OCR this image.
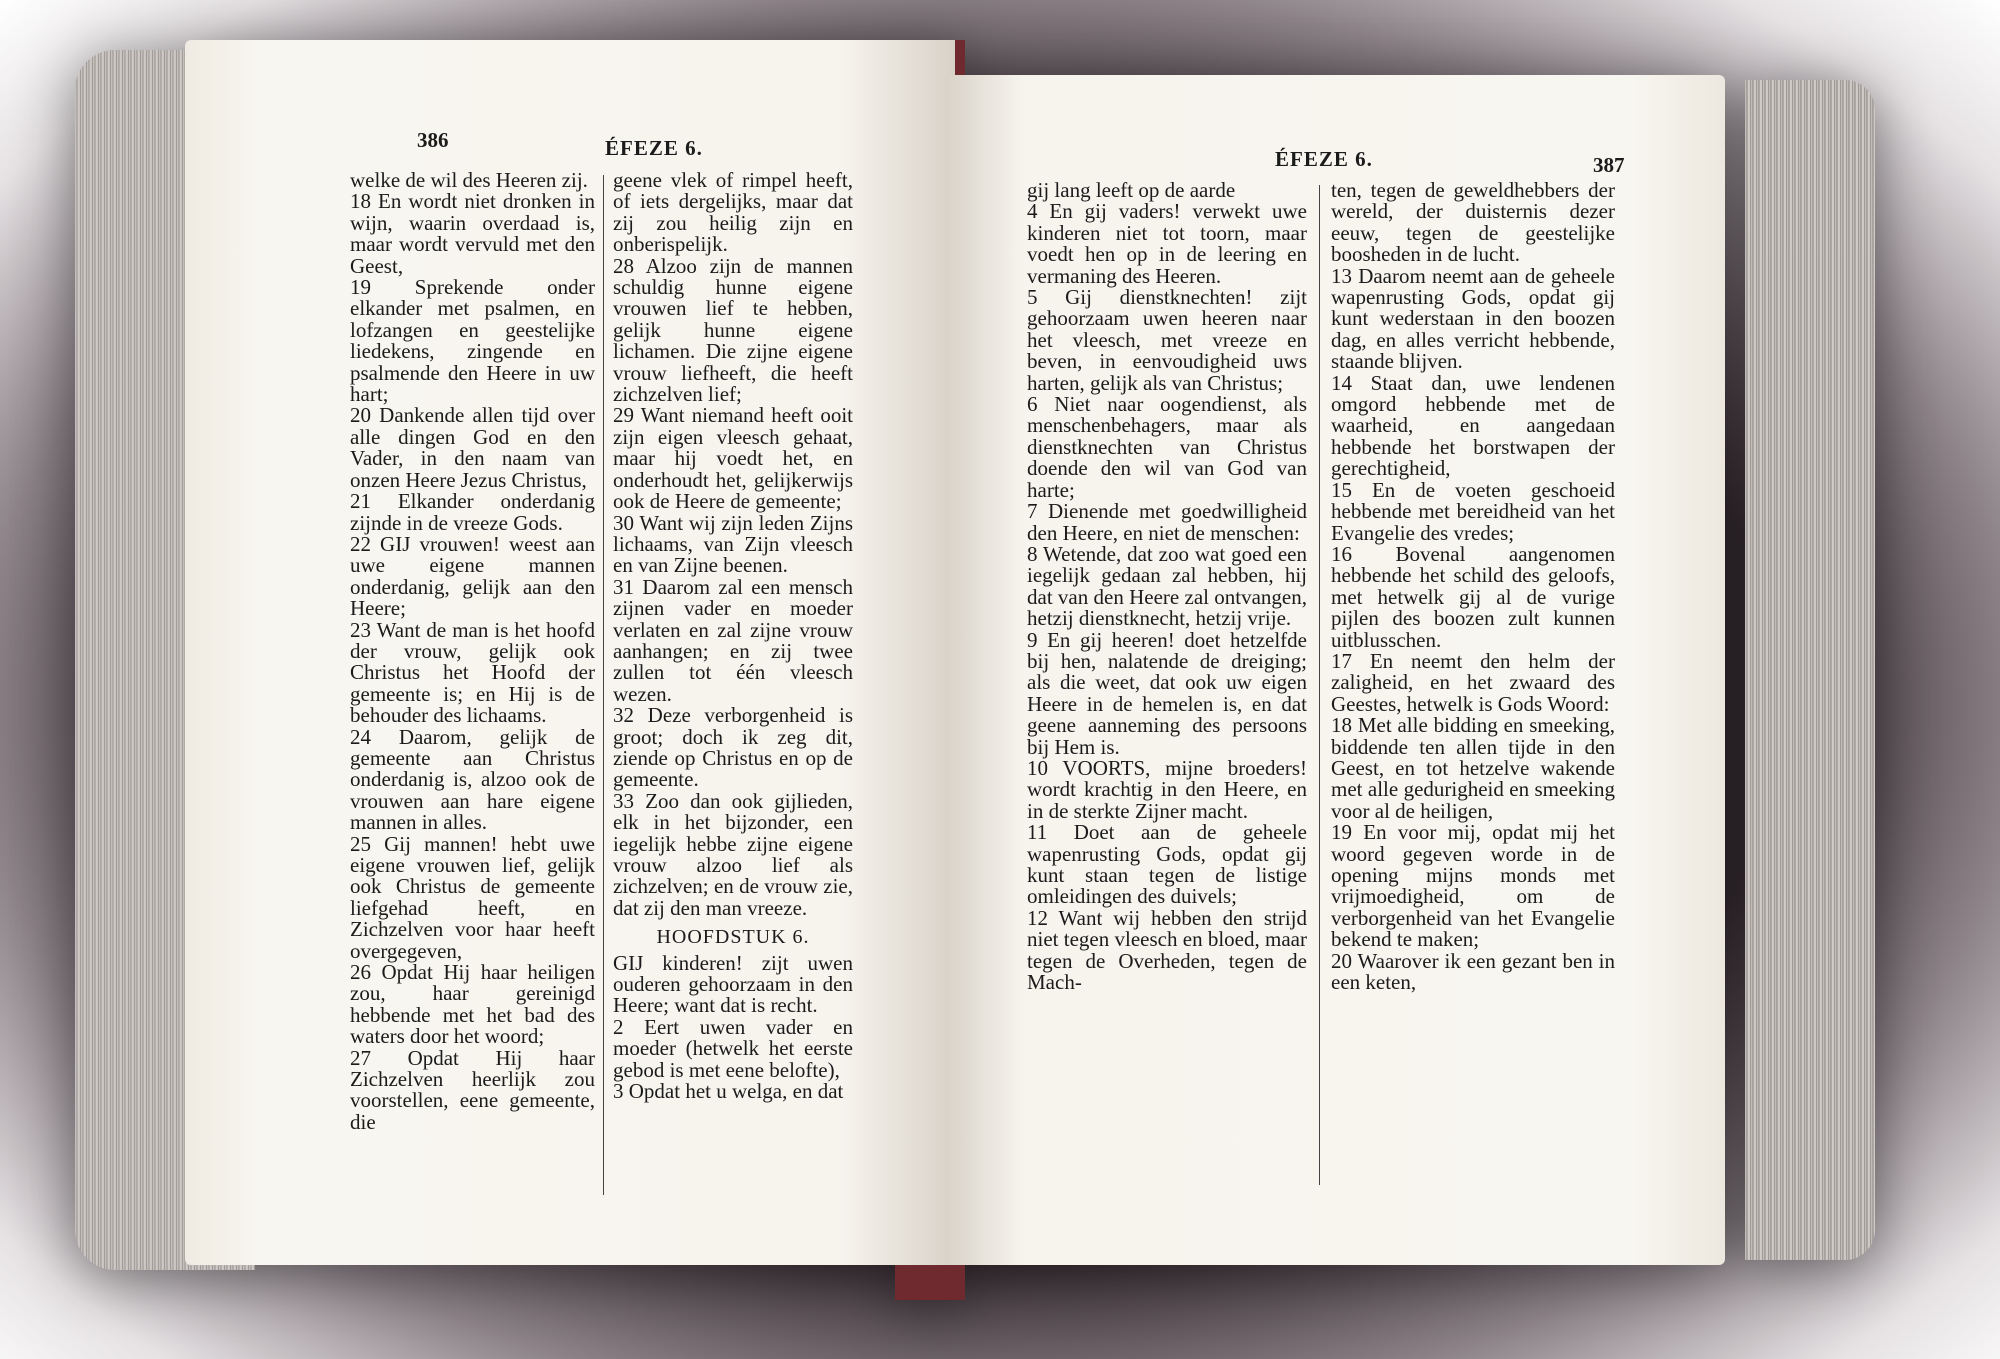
386	ÉFEZE 6.

welke de wil des Heeren zij.

18 En wordt niet dronken in wijn, waarin overdaad is, maar wordt vervuld met den Geest,

19 Sprekende onder elkander met psalmen, en lofzangen en geestelijke liedekens, zingende en psalmende den Heere in uw hart;

20 Dankende allen tijd over alle dingen God en den Vader, in den naam van onzen Heere Jezus Christus,

21 Elkander onderdanig zijnde in de vreeze Gods.

22 GIJ vrouwen! weest aan uwe eigene mannen onderdanig, gelijk aan den Heere;

23 Want de man is het hoofd der vrouw, gelijk ook Christus het Hoofd der gemeente is; en Hij is de behouder des lichaams.

24 Daarom, gelijk de gemeente aan Christus onderdanig is, alzoo ook de vrouwen aan hare eigene mannen in alles.

25 Gij mannen! hebt uwe eigene vrouwen lief, gelijk ook Christus de gemeente liefgehad heeft, en Zichzelven voor haar heeft overgegeven,

26 Opdat Hij haar heiligen zou, haar gereinigd hebbende met het bad des waters door het woord;

27 Opdat Hij haar Zichzelven heerlijk zou voorstellen, eene gemeente, die

geene vlek of rimpel heeft, of iets dergelijks, maar dat zij zou heilig zijn en onberispelijk.

28 Alzoo zijn de mannen schuldig hunne eigene vrouwen lief te hebben, gelijk hunne eigene lichamen. Die zijne eigene vrouw liefheeft, die heeft zichzelven lief;

29 Want niemand heeft ooit zijn eigen vleesch gehaat, maar hij voedt het, en onderhoudt het, gelijkerwijs ook de Heere de gemeente;

30 Want wij zijn leden Zijns lichaams, van Zijn vleesch en van Zijne beenen.

31 Daarom zal een mensch zijnen vader en moeder verlaten en zal zijne vrouw aanhangen; en zij twee zullen tot één vleesch wezen.

32 Deze verborgenheid is groot; doch ik zeg dit, ziende op Christus en op de gemeente.

33 Zoo dan ook gijlieden, elk in het bijzonder, een iegelijk hebbe zijne eigene vrouw alzoo lief als zichzelven; en de vrouw zie, dat zij den man vreeze.

HOOFDSTUK 6.

GIJ kinderen! zijt uwen ouderen gehoorzaam in den Heere; want dat is recht.

2 Eert uwen vader en moeder (hetwelk het eerste gebod is met eene belofte),

3 Opdat het u welga, en dat

ÉFEZE 6.	387

gij lang leeft op de aarde

4 En gij vaders! verwekt uwe kinderen niet tot toorn, maar voedt hen op in de leering en vermaning des Heeren.

5 Gij dienstknechten! zijt gehoorzaam uwen heeren naar het vleesch, met vreeze en beven, in eenvoudigheid uws harten, gelijk als van Christus;

6 Niet naar oogendienst, als menschenbehagers, maar als dienstknechten van Christus doende den wil van God van harte;

7 Dienende met goedwilligheid den Heere, en niet de menschen:

8 Wetende, dat zoo wat goed een iegelijk gedaan zal hebben, hij dat van den Heere zal ontvangen, hetzij dienstknecht, hetzij vrije.

9 En gij heeren! doet hetzelfde bij hen, nalatende de dreiging; als die weet, dat ook uw eigen Heere in de hemelen is, en dat geene aanneming des persoons bij Hem is.

10 VOORTS, mijne broeders! wordt krachtig in den Heere, en in de sterkte Zijner macht.

11 Doet aan de geheele wapenrusting Gods, opdat gij kunt staan tegen de listige omleidingen des duivels;

12 Want wij hebben den strijd niet tegen vleesch en bloed, maar tegen de Overheden, tegen de Mach-

ten, tegen de geweldhebbers der wereld, der duisternis dezer eeuw, tegen de geestelijke boosheden in de lucht.

13 Daarom neemt aan de geheele wapenrusting Gods, opdat gij kunt wederstaan in den boozen dag, en alles verricht hebbende, staande blijven.

14 Staat dan, uwe lendenen omgord hebbende met de waarheid, en aangedaan hebbende het borstwapen der gerechtigheid,

15 En de voeten geschoeid hebbende met bereidheid van het Evangelie des vredes;

16 Bovenal aangenomen hebbende het schild des geloofs, met hetwelk gij al de vurige pijlen des boozen zult kunnen uitblusschen.

17 En neemt den helm der zaligheid, en het zwaard des Geestes, hetwelk is Gods Woord:

18 Met alle bidding en smeeking, biddende ten allen tijde in den Geest, en tot hetzelve wakende met alle gedurigheid en smeeking voor al de heiligen,

19 En voor mij, opdat mij het woord gegeven worde in de opening mijns monds met vrijmoedigheid, om de verborgenheid van het Evangelie bekend te maken;

20 Waarover ik een gezant ben in een keten,
